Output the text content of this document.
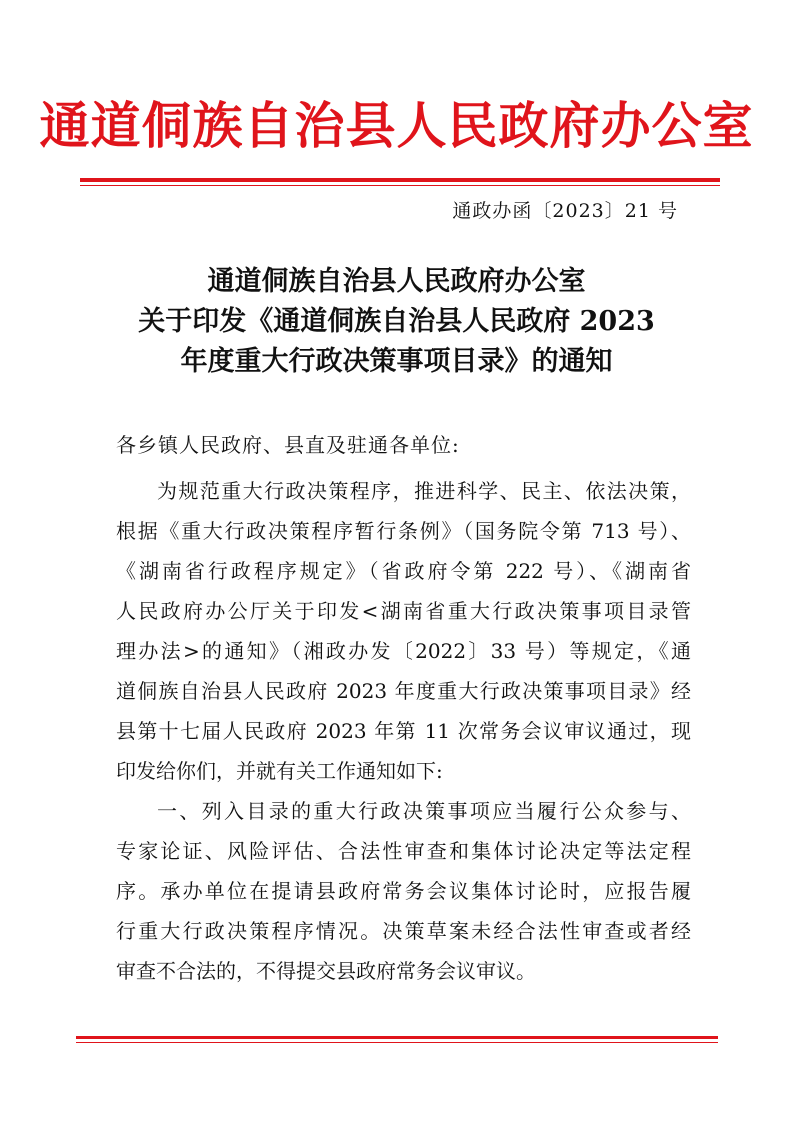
通道侗族自治县人民政府办公室
通政办函〔2023〕21 号
通道侗族自治县人民政府办公室
关于印发《通道侗族自治县人民政府 2023
年度重大行政决策事项目录》的通知
各乡镇人民政府、县直及驻通各单位:
为规范重大行政决策程序，推进科学、民主、依法决策，
根据《重大行政决策程序暂行条例》（国务院令第 713 号）、
《湖南省行政程序规定》（省政府令第 222 号）、《湖南省
人民政府办公厅关于印发<湖南省重大行政决策事项目录管
理办法>的通知》（湘政办发〔2022〕33 号）等规定，《通
道侗族自治县人民政府 2023 年度重大行政决策事项目录》经
县第十七届人民政府 2023 年第 11 次常务会议审议通过，现
印发给你们，并就有关工作通知如下:
一、列入目录的重大行政决策事项应当履行公众参与、
专家论证、风险评估、合法性审查和集体讨论决定等法定程
序。承办单位在提请县政府常务会议集体讨论时，应报告履
行重大行政决策程序情况。决策草案未经合法性审查或者经
审查不合法的，不得提交县政府常务会议审议。
